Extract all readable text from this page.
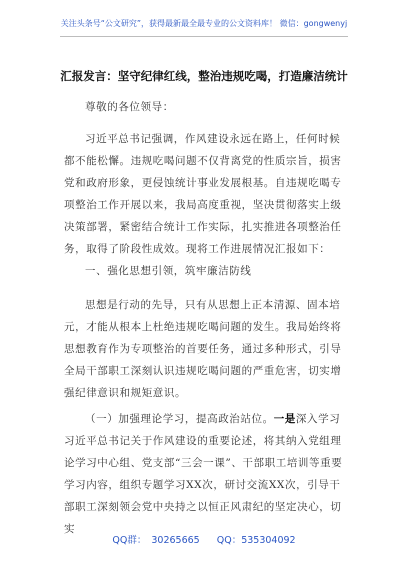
关注头条号“公文研究”，获得最新最全最专业的公文资料库！ 微信：gongwenyj
汇报发言：坚守纪律红线，整治违规吃喝，打造廉洁统计
尊敬的各位领导：
习近平总书记强调，作风建设永远在路上，任何时候都不能松懈。违规吃喝问题不仅背离党的性质宗旨，损害党和政府形象，更侵蚀统计事业发展根基。自违规吃喝专项整治工作开展以来，我局高度重视，坚决贯彻落实上级决策部署，紧密结合统计工作实际，扎实推进各项整治任务，取得了阶段性成效。现将工作进展情况汇报如下：
一、强化思想引领，筑牢廉洁防线
思想是行动的先导，只有从思想上正本清源、固本培元，才能从根本上杜绝违规吃喝问题的发生。我局始终将思想教育作为专项整治的首要任务，通过多种形式，引导全局干部职工深刻认识违规吃喝问题的严重危害，切实增强纪律意识和规矩意识。
（一）加强理论学习，提高政治站位。一是深入学习习近平总书记关于作风建设的重要论述，将其纳入党组理论学习中心组、党支部“三会一课”、干部职工培训等重要学习内容，组织专题学习XX次，研讨交流XX次，引导干部职工深刻领会党中央持之以恒正风肃纪的坚定决心，切实
QQ群： 30265665 QQ：535304092
